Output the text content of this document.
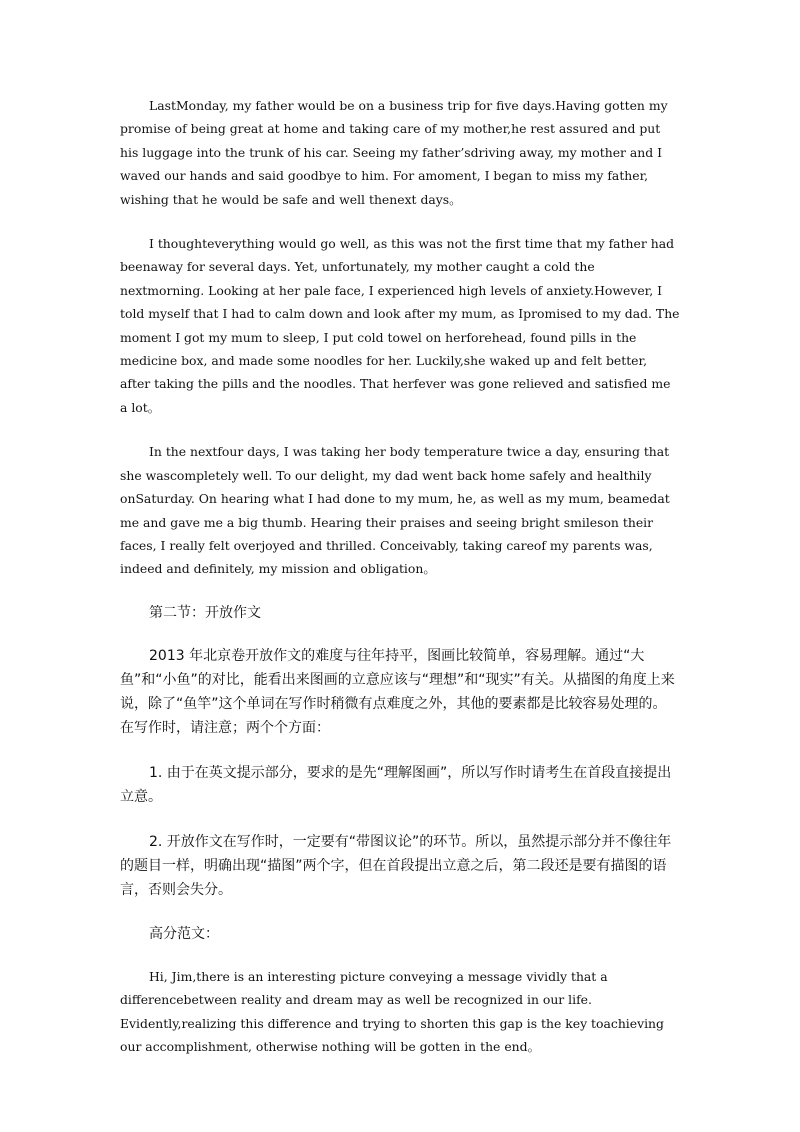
LastMonday, my father would be on a business trip for five days.Having gotten my promise of being great at home and taking care of my mother,he rest assured and put his luggage into the trunk of his car. Seeing my father’sdriving away, my mother and I waved our hands and said goodbye to him. For amoment, I began to miss my father, wishing that he would be safe and well thenext days。

I thoughteverything would go well, as this was not the first time that my father had beenaway for several days. Yet, unfortunately, my mother caught a cold the nextmorning. Looking at her pale face, I experienced high levels of anxiety.However, I told myself that I had to calm down and look after my mum, as Ipromised to my dad. The moment I got my mum to sleep, I put cold towel on herforehead, found pills in the medicine box, and made some noodles for her. Luckily,she waked up and felt better, after taking the pills and the noodles. That herfever was gone relieved and satisfied me a lot。

In the nextfour days, I was taking her body temperature twice a day, ensuring that she wascompletely well. To our delight, my dad went back home safely and healthily onSaturday. On hearing what I had done to my mum, he, as well as my mum, beamedat me and gave me a big thumb. Hearing their praises and seeing bright smileson their faces, I really felt overjoyed and thrilled. Conceivably, taking careof my parents was, indeed and definitely, my mission and obligation。

第二节：开放作文

2013 年北京卷开放作文的难度与往年持平，图画比较简单，容易理解。通过“大鱼”和“小鱼”的对比，能看出来图画的立意应该与“理想”和“现实”有关。从描图的角度上来说，除了“鱼竿”这个单词在写作时稍微有点难度之外，其他的要素都是比较容易处理的。在写作时，请注意；两个个方面：

1. 由于在英文提示部分，要求的是先“理解图画”，所以写作时请考生在首段直接提出立意。

2. 开放作文在写作时，一定要有“带图议论”的环节。所以，虽然提示部分并不像往年的题目一样，明确出现“描图”两个字，但在首段提出立意之后，第二段还是要有描图的语言，否则会失分。

高分范文：

Hi, Jim,there is an interesting picture conveying a message vividly that a differencebetween reality and dream may as well be recognized in our life. Evidently,realizing this difference and trying to shorten this gap is the key toachieving our accomplishment, otherwise nothing will be gotten in the end。
